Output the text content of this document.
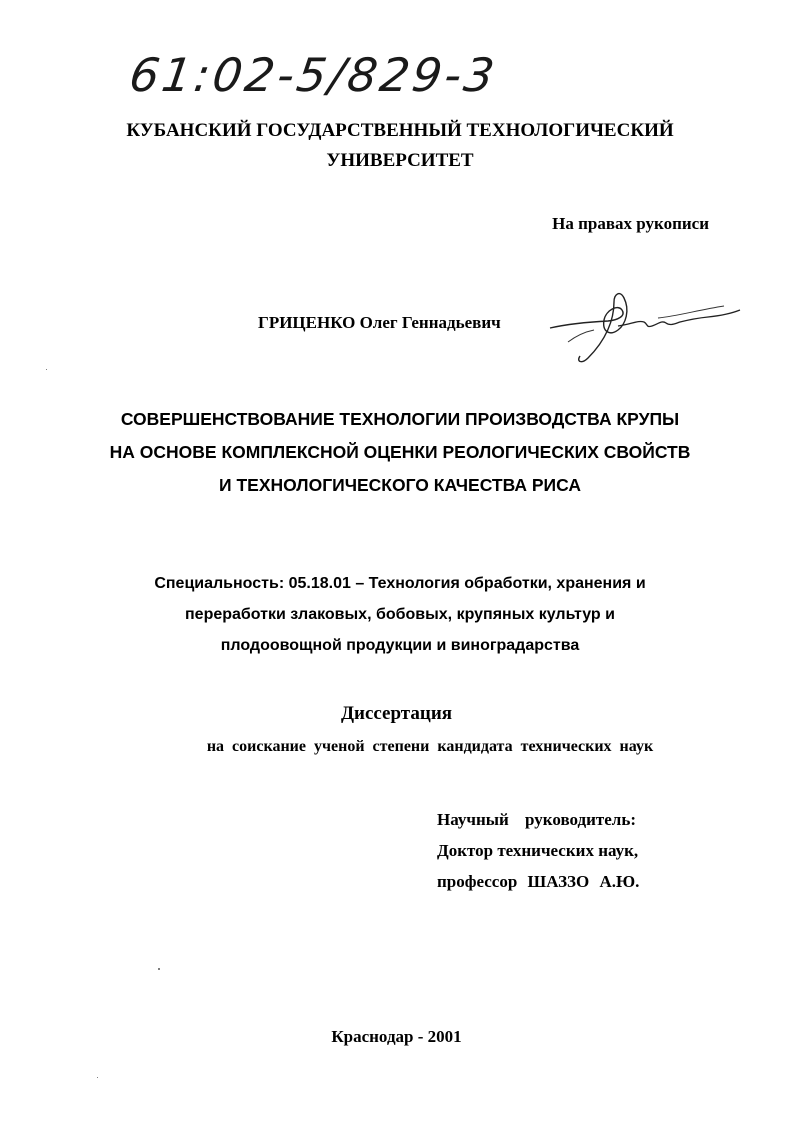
61:02-5/829-3
КУБАНСКИЙ ГОСУДАРСТВЕННЫЙ ТЕХНОЛОГИЧЕСКИЙ
УНИВЕРСИТЕТ
На правах рукописи
ГРИЦЕНКО Олег Геннадьевич
СОВЕРШЕНСТВОВАНИЕ ТЕХНОЛОГИИ ПРОИЗВОДСТВА КРУПЫ
НА ОСНОВЕ КОМПЛЕКСНОЙ ОЦЕНКИ РЕОЛОГИЧЕСКИХ СВОЙСТВ
И ТЕХНОЛОГИЧЕСКОГО КАЧЕСТВА РИСА
Специальность: 05.18.01 – Технология обработки, хранения и
переработки злаковых, бобовых, крупяных культур и
плодоовощной продукции и виноградарства
Диссертация
на соискание ученой степени кандидата технических наук
Научный руководитель:
Доктор технических наук,
профессор ШАЗЗО А.Ю.
Краснодар - 2001
